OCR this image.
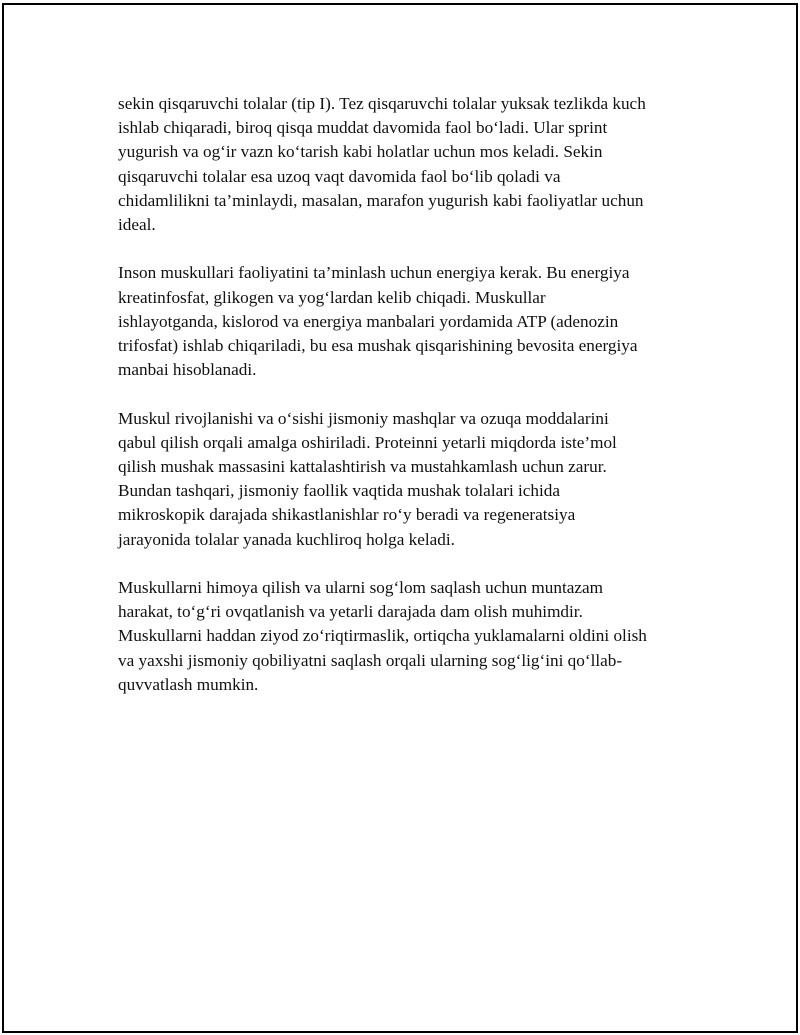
sekin qisqaruvchi tolalar (tip I). Tez qisqaruvchi tolalar yuksak tezlikda kuch
ishlab chiqaradi, biroq qisqa muddat davomida faol bo‘ladi. Ular sprint
yugurish va og‘ir vazn ko‘tarish kabi holatlar uchun mos keladi. Sekin
qisqaruvchi tolalar esa uzoq vaqt davomida faol bo‘lib qoladi va
chidamlilikni ta’minlaydi, masalan, marafon yugurish kabi faoliyatlar uchun
ideal.

Inson muskullari faoliyatini ta’minlash uchun energiya kerak. Bu energiya
kreatinfosfat, glikogen va yog‘lardan kelib chiqadi. Muskullar
ishlayotganda, kislorod va energiya manbalari yordamida ATP (adenozin
trifosfat) ishlab chiqariladi, bu esa mushak qisqarishining bevosita energiya
manbai hisoblanadi.

Muskul rivojlanishi va o‘sishi jismoniy mashqlar va ozuqa moddalarini
qabul qilish orqali amalga oshiriladi. Proteinni yetarli miqdorda iste’mol
qilish mushak massasini kattalashtirish va mustahkamlash uchun zarur.
Bundan tashqari, jismoniy faollik vaqtida mushak tolalari ichida
mikroskopik darajada shikastlanishlar ro‘y beradi va regeneratsiya
jarayonida tolalar yanada kuchliroq holga keladi.

Muskullarni himoya qilish va ularni sog‘lom saqlash uchun muntazam
harakat, to‘g‘ri ovqatlanish va yetarli darajada dam olish muhimdir.
Muskullarni haddan ziyod zo‘riqtirmaslik, ortiqcha yuklamalarni oldini olish
va yaxshi jismoniy qobiliyatni saqlash orqali ularning sog‘lig‘ini qo‘llab-
quvvatlash mumkin.
